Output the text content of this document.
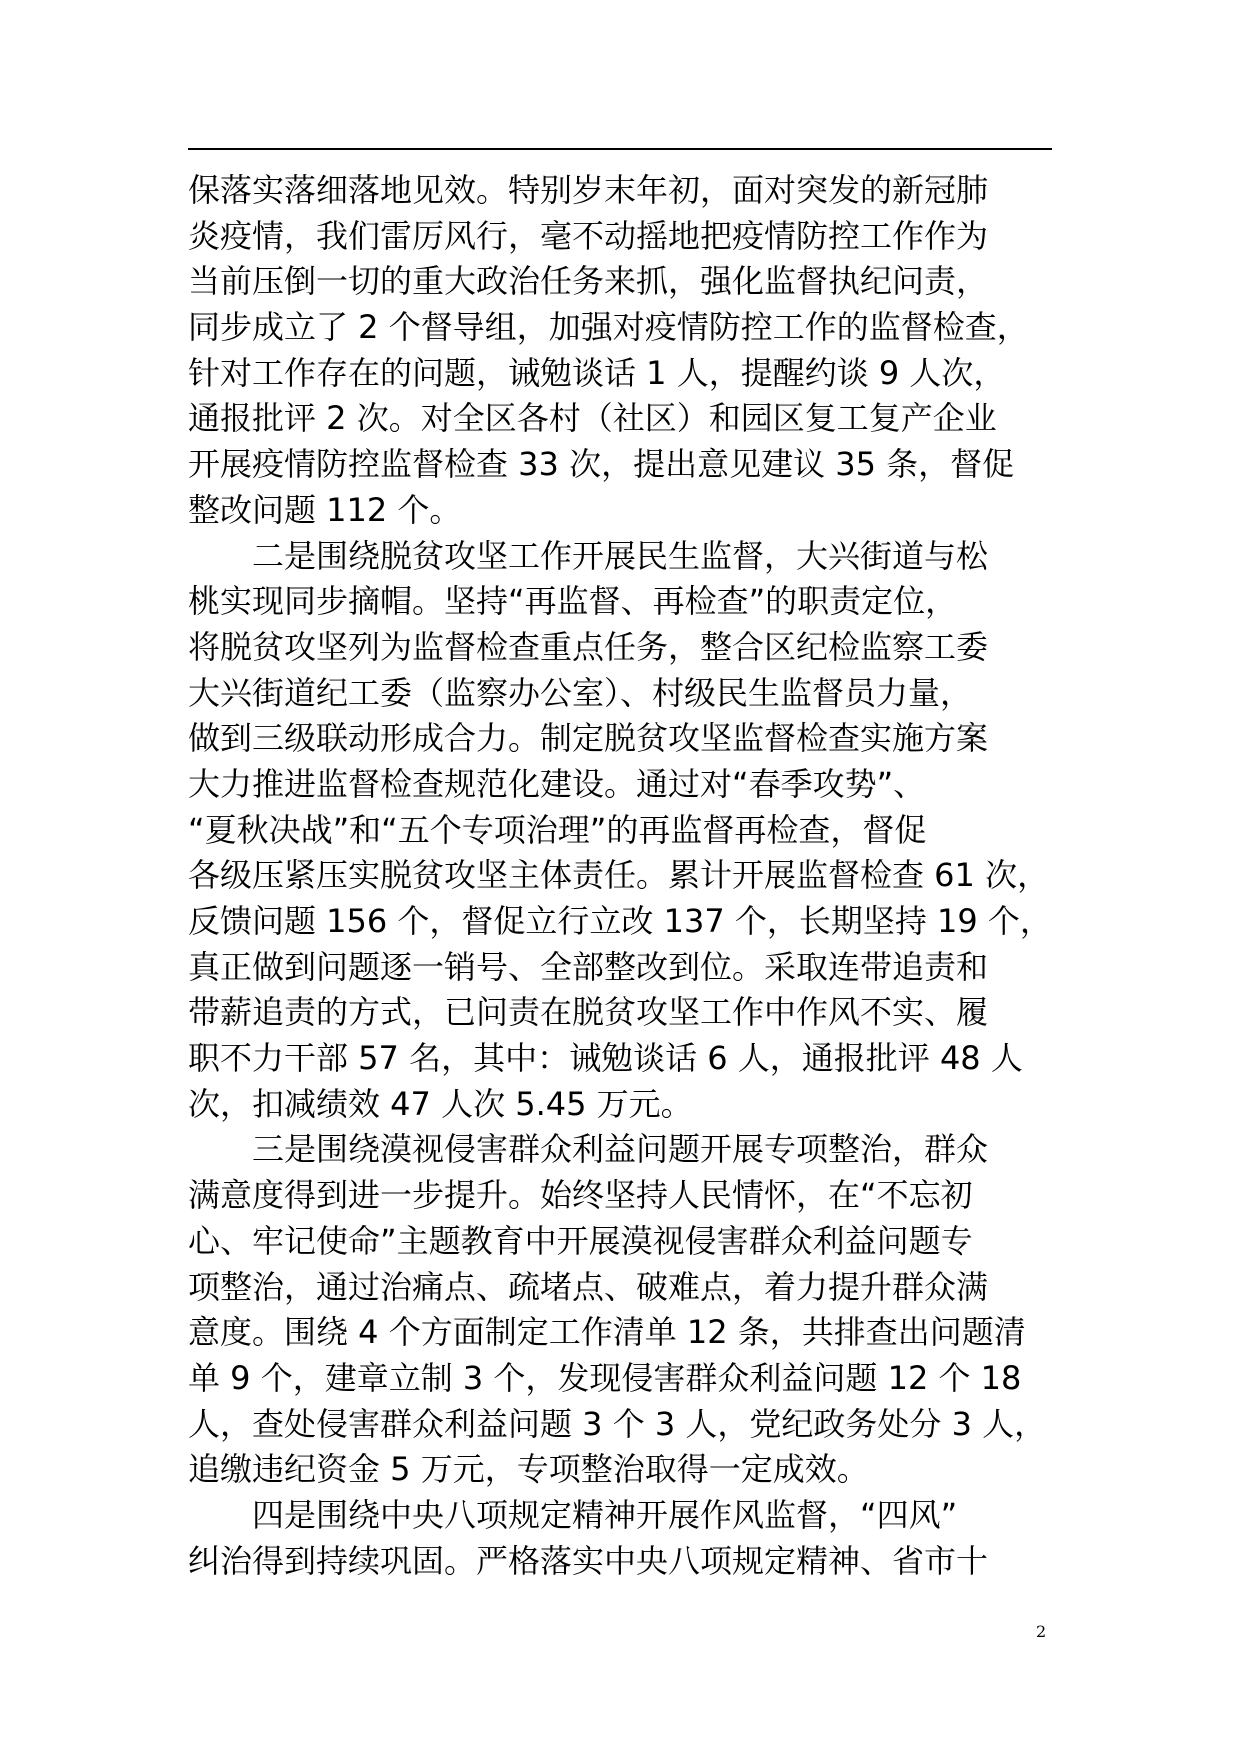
保落实落细落地见效。特别岁末年初，面对突发的新冠肺
炎疫情，我们雷厉风行，毫不动摇地把疫情防控工作作为
当前压倒一切的重大政治任务来抓，强化监督执纪问责，
同步成立了 2 个督导组，加强对疫情防控工作的监督检查，
针对工作存在的问题，诫勉谈话 1 人，提醒约谈 9 人次，
通报批评 2 次。对全区各村（社区）和园区复工复产企业
开展疫情防控监督检查 33 次，提出意见建议 35 条，督促
整改问题 112 个。
　　二是围绕脱贫攻坚工作开展民生监督，大兴街道与松
桃实现同步摘帽。坚持“再监督、再检查”的职责定位，
将脱贫攻坚列为监督检查重点任务，整合区纪检监察工委
大兴街道纪工委（监察办公室）、村级民生监督员力量，
做到三级联动形成合力。制定脱贫攻坚监督检查实施方案
大力推进监督检查规范化建设。通过对“春季攻势”、
“夏秋决战”和“五个专项治理”的再监督再检查，督促
各级压紧压实脱贫攻坚主体责任。累计开展监督检查 61 次，
反馈问题 156 个，督促立行立改 137 个，长期坚持 19 个，
真正做到问题逐一销号、全部整改到位。采取连带追责和
带薪追责的方式，已问责在脱贫攻坚工作中作风不实、履
职不力干部 57 名，其中：诫勉谈话 6 人，通报批评 48 人
次，扣减绩效 47 人次 5.45 万元。
　　三是围绕漠视侵害群众利益问题开展专项整治，群众
满意度得到进一步提升。始终坚持人民情怀，在“不忘初
心、牢记使命”主题教育中开展漠视侵害群众利益问题专
项整治，通过治痛点、疏堵点、破难点，着力提升群众满
意度。围绕 4 个方面制定工作清单 12 条，共排查出问题清
单 9 个，建章立制 3 个，发现侵害群众利益问题 12 个 18
人，查处侵害群众利益问题 3 个 3 人，党纪政务处分 3 人，
追缴违纪资金 5 万元，专项整治取得一定成效。
　　四是围绕中央八项规定精神开展作风监督，“四风”
纠治得到持续巩固。严格落实中央八项规定精神、省市十
2
